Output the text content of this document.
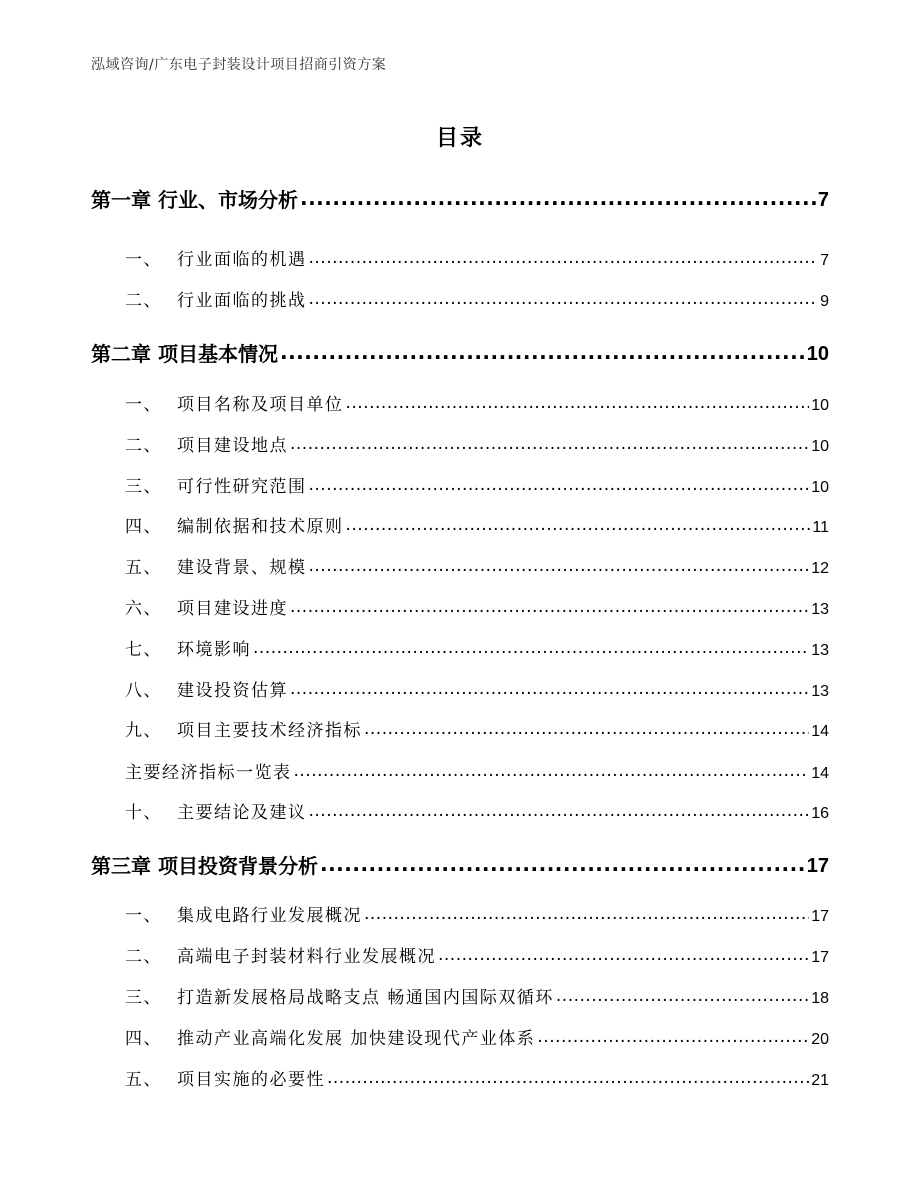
泓域咨询/广东电子封装设计项目招商引资方案
目录
第一章 行业、市场分析 .....	7
一、 行业面临的机遇 .....	7
二、 行业面临的挑战 .....	9
第二章 项目基本情况 .....	10
一、 项目名称及项目单位 .....	10
二、 项目建设地点 .....	10
三、 可行性研究范围 .....	10
四、 编制依据和技术原则 .....	11
五、 建设背景、规模 .....	12
六、 项目建设进度 .....	13
七、 环境影响 .....	13
八、 建设投资估算 .....	13
九、 项目主要技术经济指标 .....	14
主要经济指标一览表 .....	14
十、 主要结论及建议 .....	16
第三章 项目投资背景分析 .....	17
一、 集成电路行业发展概况 .....	17
二、 高端电子封装材料行业发展概况 .....	17
三、 打造新发展格局战略支点 畅通国内国际双循环 .....	18
四、 推动产业高端化发展 加快建设现代产业体系 .....	20
五、 项目实施的必要性 .....	21
